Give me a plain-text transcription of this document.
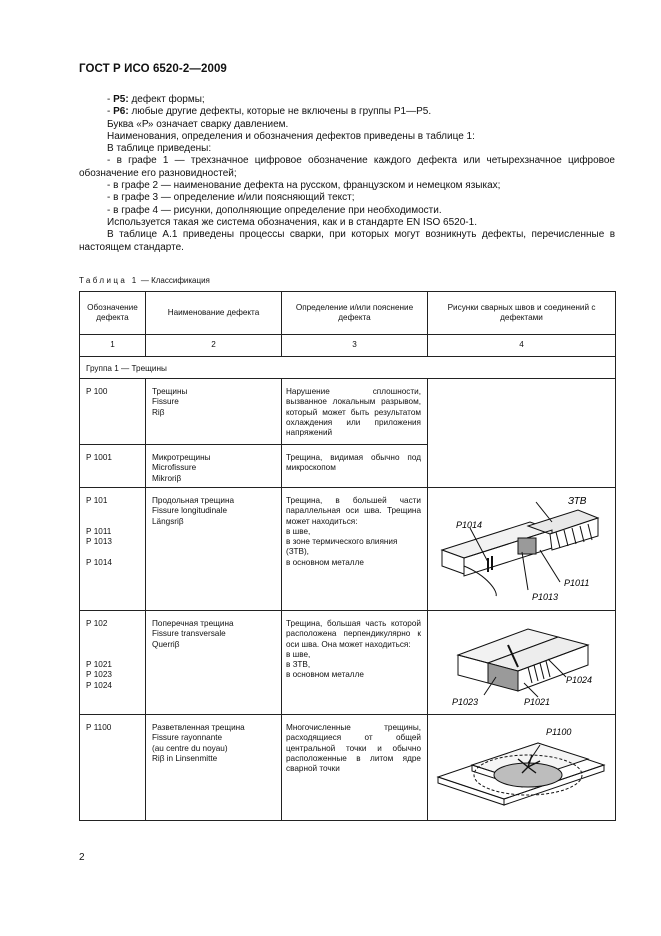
ГОСТ Р ИСО 6520-2—2009

- Р5: дефект формы;

- Р6: любые другие дефекты, которые не включены в группы Р1—Р5.

Буква «Р» означает сварку давлением.

Наименования, определения и обозначения дефектов приведены в таблице 1:

В таблице приведены:

- в графе 1 — трехзначное цифровое обозначение каждого дефекта или четырехзначное цифровое обозначение его разновидностей;

- в графе 2 — наименование дефекта на русском, французском и немецком языках;

- в графе 3 — определение и/или поясняющий текст;

- в графе 4 — рисунки, дополняющие определение при необходимости.

Используется такая же система обозначения, как и в стандарте EN ISO 6520-1.

В таблице А.1 приведены процессы сварки, при которых могут возникнуть дефекты, перечисленные в настоящем стандарте.

Таблица 1 — Классификация
Обозначение дефекта	Наименование дефекта	Определение и/или пояснение дефекта	Рисунки сварных швов и соединений с дефектами
1	2	3	4
Группа 1 — Трещины			

Р 100	Трещины
Fissure
Riβ	Нарушение сплошности, вызванное локальным разрывом, который может быть результатом охлаждения или приложения напряжений	

Р 1001	Микротрещины
Microfissure
Mikroriβ	Трещина, видимая обычно под микроскопом	

Р 101
Р 1011
Р 1013
Р 1014	Продольная трещина
Fissure longitudinale
Längsriβ	Трещина, в большей части параллельная оси шва. Трещина может находиться:
в шве,
в зоне термического влияния (ЗТВ),
в основном металле	ЗТВ
P1014
P1011
P1013

Р 102
Р 1021
Р 1023
Р 1024	Поперечная трещина
Fissure transversale
Querriβ	Трещина, большая часть которой расположена перпендикулярно к оси шва. Она может находиться:
в шве,
в ЗТВ,
в основном металле	P1024
P1023 P1021

Р 1100	Разветвленная трещина
Fissure rayonnante
(au centre du noyau)
Riβ in Linsenmitte	Многочисленные трещины, расходящиеся от общей центральной точки и обычно расположенные в литом ядре сварной точки	P1100
2
